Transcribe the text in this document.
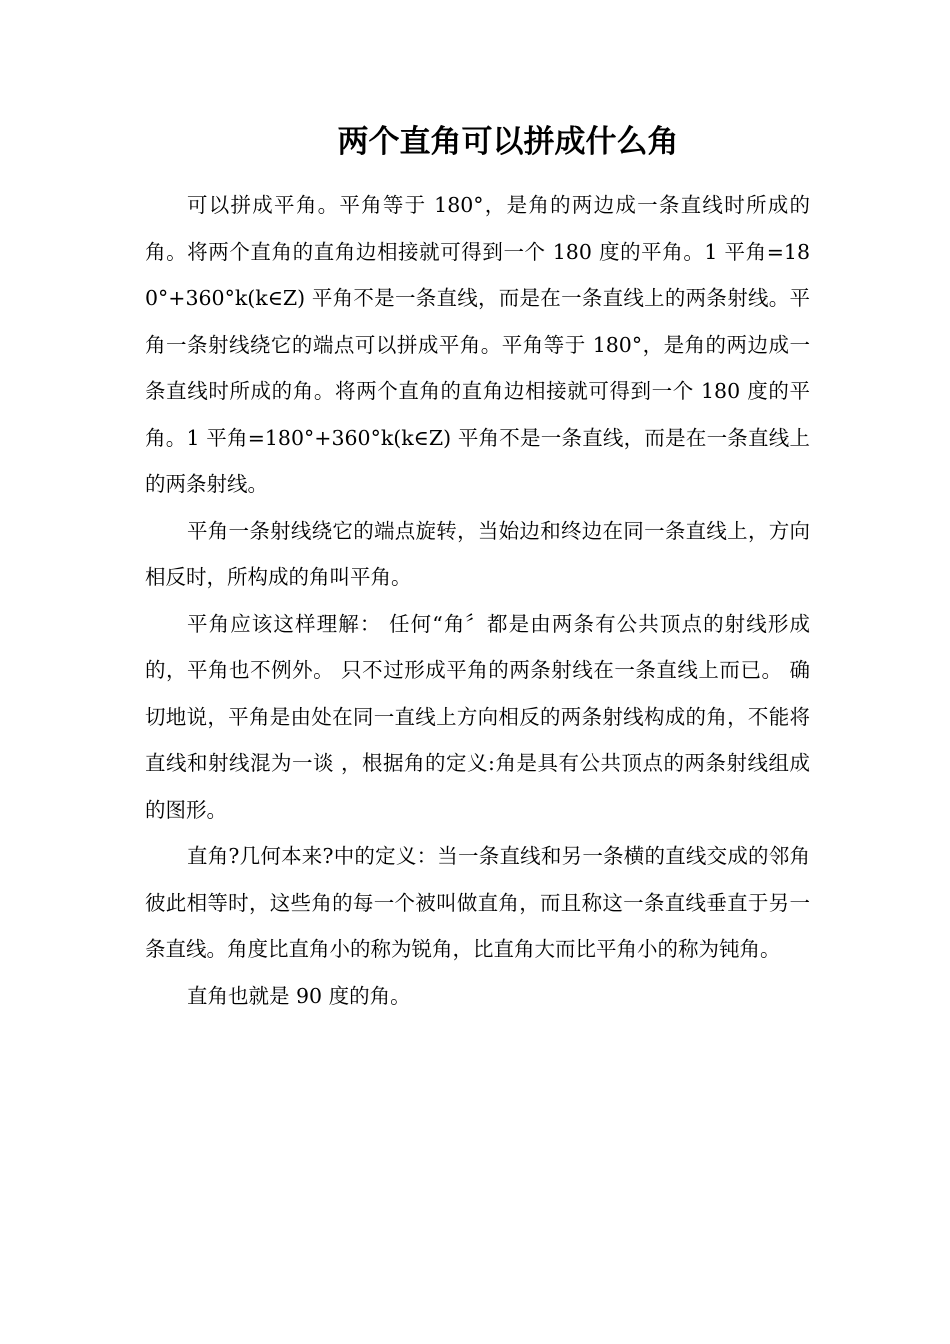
两个直角可以拼成什么角

可以拼成平角。平角等于 180°，是角的两边成一条直线时所成的角。将两个直角的直角边相接就可得到一个 180 度的平角。1 平角=180°+360°k(k∈Z) 平角不是一条直线，而是在一条直线上的两条射线。平角一条射线绕它的端点可以拼成平角。平角等于 180°，是角的两边成一条直线时所成的角。将两个直角的直角边相接就可得到一个 180 度的平角。1 平角=180°+360°k(k∈Z) 平角不是一条直线，而是在一条直线上的两条射线。

平角一条射线绕它的端点旋转，当始边和终边在同一条直线上，方向相反时，所构成的角叫平角。

平角应该这样理解： 任何“角〞都是由两条有公共顶点的射线形成的，平角也不例外。 只不过形成平角的两条射线在一条直线上而已。 确切地说，平角是由处在同一直线上方向相反的两条射线构成的角，不能将直线和射线混为一谈 ，根据角的定义:角是具有公共顶点的两条射线组成的图形。

直角?几何本来?中的定义：当一条直线和另一条横的直线交成的邻角彼此相等时，这些角的每一个被叫做直角，而且称这一条直线垂直于另一条直线。角度比直角小的称为锐角，比直角大而比平角小的称为钝角。

直角也就是 90 度的角。
